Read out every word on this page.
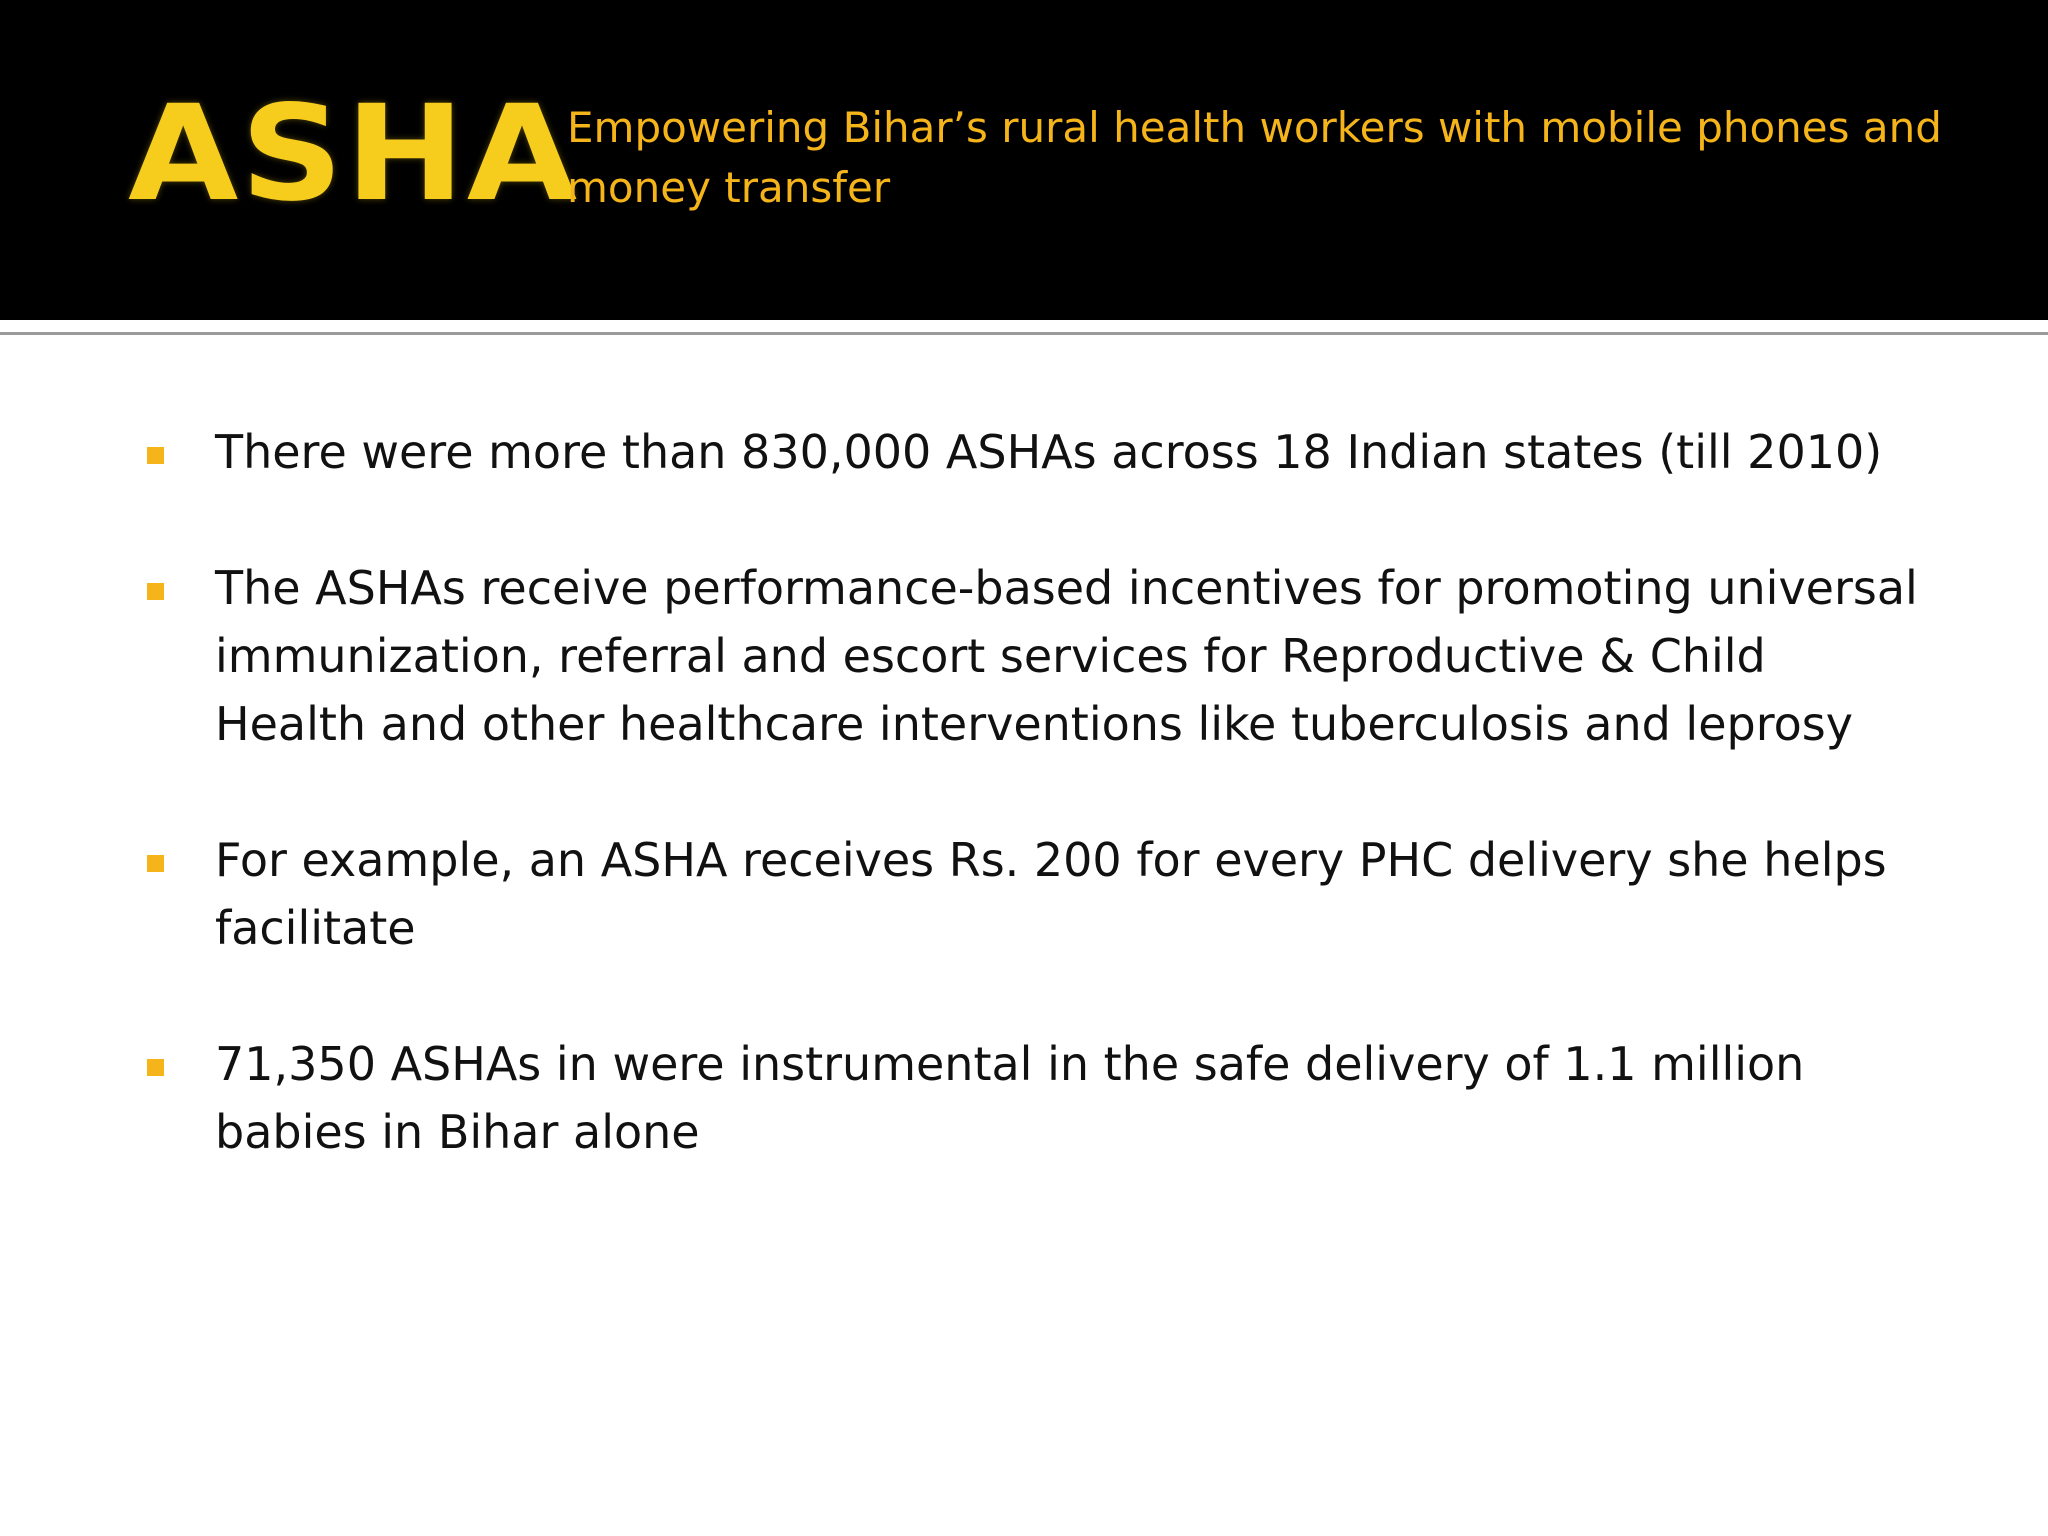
ASHA
Empowering Bihar’s rural health workers with mobile phones and money transfer
There were more than 830,000 ASHAs across 18 Indian states (till 2010)
The ASHAs receive performance-based incentives for promoting universal immunization, referral and escort services for Reproductive & Child Health and other healthcare interventions like tuberculosis and leprosy
For example, an ASHA receives Rs. 200 for every PHC delivery she helps facilitate
71,350 ASHAs in were instrumental in the safe delivery of 1.1 million babies in Bihar alone
